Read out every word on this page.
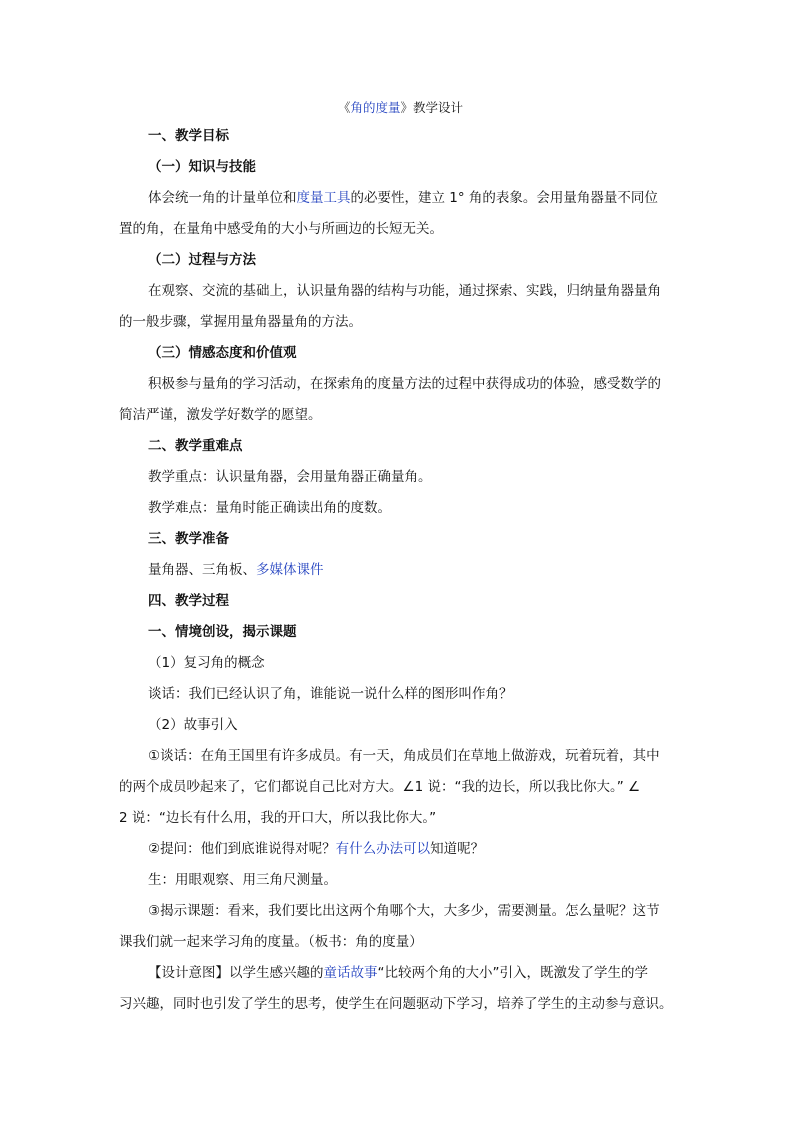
《角的度量》教学设计
一、教学目标
（一）知识与技能
体会统一角的计量单位和度量工具的必要性，建立 1° 角的表象。会用量角器量不同位
置的角，在量角中感受角的大小与所画边的长短无关。
（二）过程与方法
在观察、交流的基础上，认识量角器的结构与功能，通过探索、实践，归纳量角器量角
的一般步骤，掌握用量角器量角的方法。
（三）情感态度和价值观
积极参与量角的学习活动，在探索角的度量方法的过程中获得成功的体验，感受数学的
简洁严谨，激发学好数学的愿望。
二、教学重难点
教学重点：认识量角器，会用量角器正确量角。
教学难点：量角时能正确读出角的度数。
三、教学准备
量角器、三角板、多媒体课件
四、教学过程
一、情境创设，揭示课题
（1）复习角的概念
谈话：我们已经认识了角，谁能说一说什么样的图形叫作角？
（2）故事引入
①谈话：在角王国里有许多成员。有一天，角成员们在草地上做游戏，玩着玩着，其中
的两个成员吵起来了，它们都说自己比对方大。∠1 说：“我的边长，所以我比你大。” ∠
2 说：“边长有什么用，我的开口大，所以我比你大。”
②提问：他们到底谁说得对呢？有什么办法可以知道呢？
生：用眼观察、用三角尺测量。
③揭示课题：看来，我们要比出这两个角哪个大，大多少，需要测量。怎么量呢？这节
课我们就一起来学习角的度量。（板书：角的度量）
【设计意图】以学生感兴趣的童话故事“比较两个角的大小”引入，既激发了学生的学
习兴趣，同时也引发了学生的思考，使学生在问题驱动下学习，培养了学生的主动参与意识。
